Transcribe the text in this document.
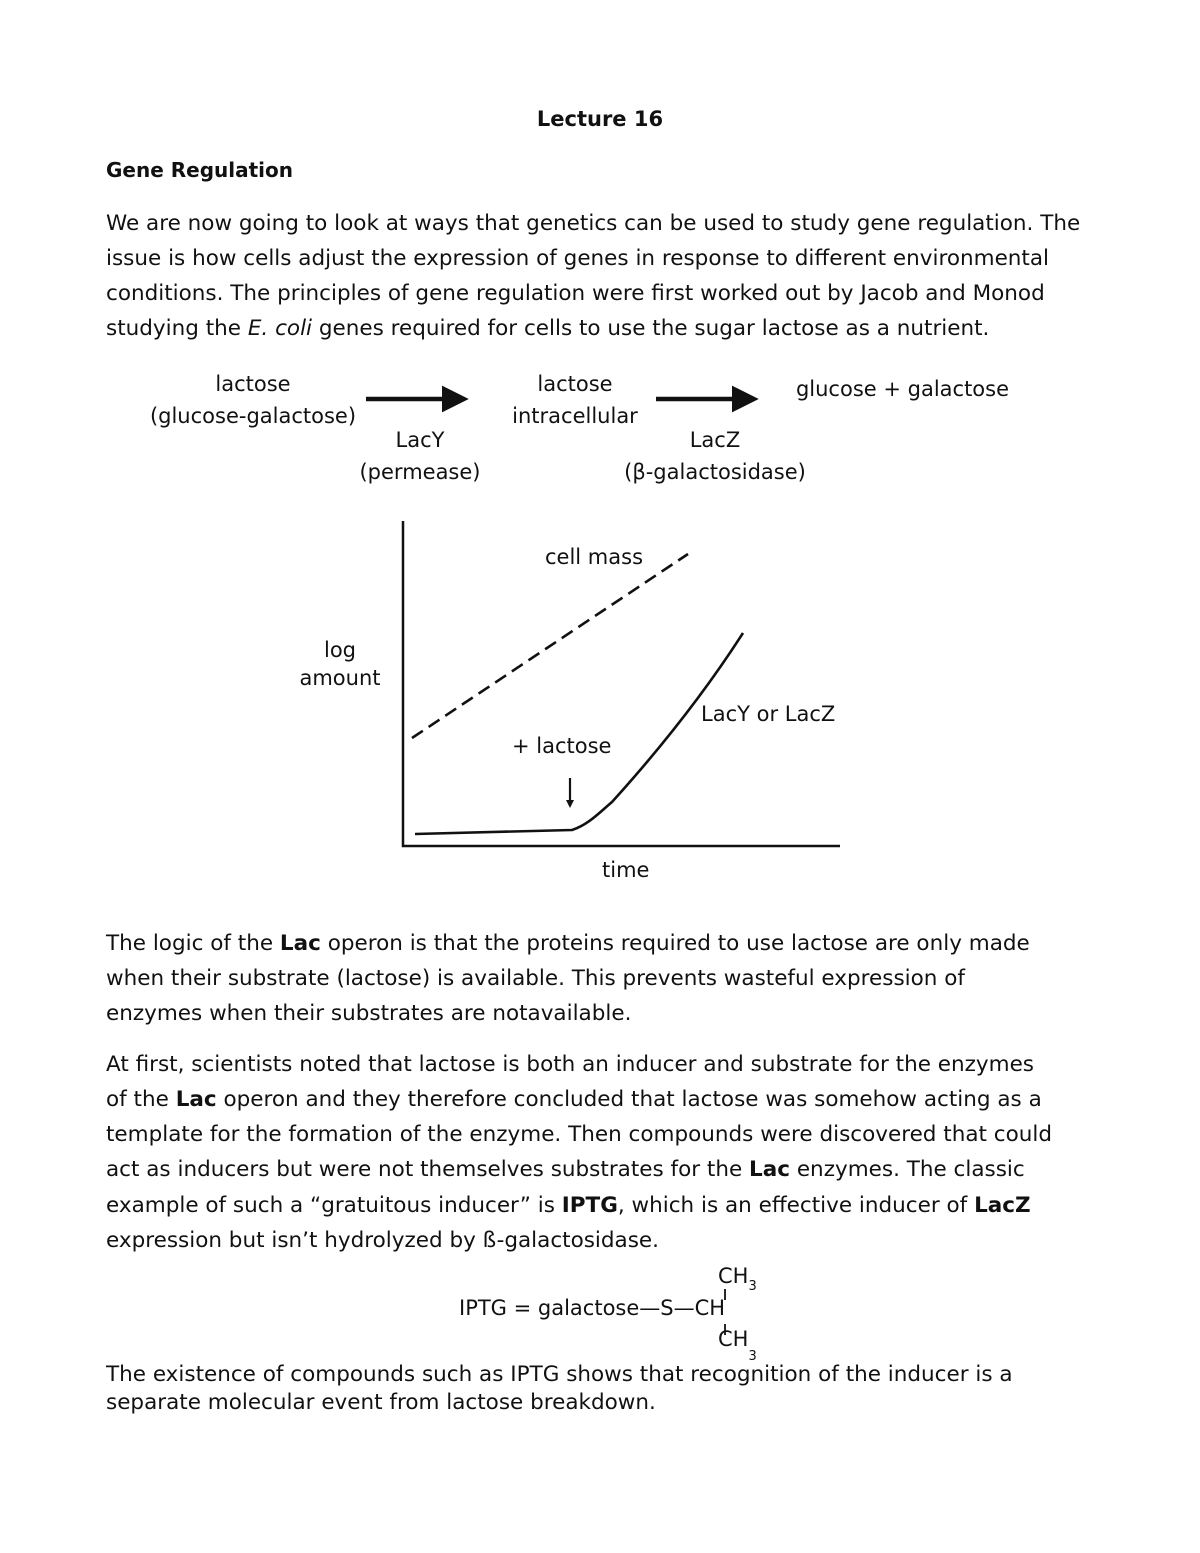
Lecture 16
Gene Regulation
We are now going to look at ways that genetics can be used to study gene regulation. The
issue is how cells adjust the expression of genes in response to different environmental
conditions. The principles of gene regulation were first worked out by Jacob and Monod
studying the E. coli genes required for cells to use the sugar lactose as a nutrient.
lactose
(glucose-galactose)
lactose
intracellular
glucose + galactose
LacY
(permease)
LacZ
(β-galactosidase)
log
amount
cell mass
LacY or LacZ
+ lactose
time
The logic of the Lac operon is that the proteins required to use lactose are only made
when their substrate (lactose) is available. This prevents wasteful expression of
enzymes when their substrates are notavailable.
At first, scientists noted that lactose is both an inducer and substrate for the enzymes
of the Lac operon and they therefore concluded that lactose was somehow acting as a
template for the formation of the enzyme. Then compounds were discovered that could
act as inducers but were not themselves substrates for the Lac enzymes. The classic
example of such a “gratuitous inducer” is IPTG, which is an effective inducer of LacZ
expression but isn’t hydrolyzed by ß-galactosidase.
$CH_3$
IPTG = galactose—S—CH
$CH_3$
The existence of compounds such as IPTG shows that recognition of the inducer is a
separate molecular event from lactose breakdown.
